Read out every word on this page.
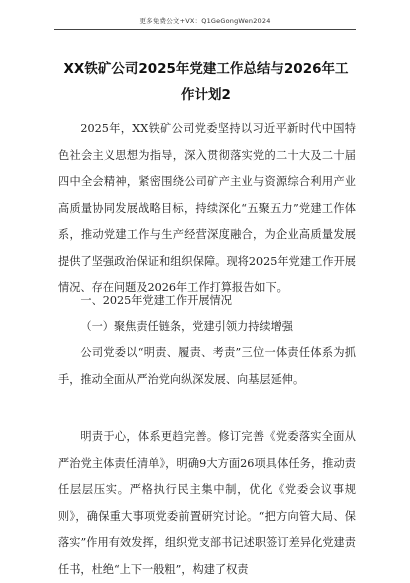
更多免费公文+VX：Q1GeGongWen2024
XX铁矿公司2025年党建工作总结与2026年工作计划2

2025年，XX铁矿公司党委坚持以习近平新时代中国特色社会主义思想为指导，深入贯彻落实党的二十大及二十届四中全会精神，紧密围绕公司矿产主业与资源综合利用产业高质量协同发展战略目标，持续深化“五聚五力”党建工作体系，推动党建工作与生产经营深度融合，为企业高质量发展提供了坚强政治保证和组织保障。现将2025年党建工作开展情况、存在问题及2026年工作打算报告如下。

一、2025年党建工作开展情况

（一）聚焦责任链条，党建引领力持续增强

公司党委以“明责、履责、考责”三位一体责任体系为抓手，推动全面从严治党向纵深发展、向基层延伸。

明责于心，体系更趋完善。修订完善《党委落实全面从严治党主体责任清单》，明确9大方面26项具体任务，推动责任层层压实。严格执行民主集中制，优化《党委会议事规则》，确保重大事项党委前置研究讨论。“把方向管大局、保落实”作用有效发挥，组织党支部书记述职签订差异化党建责任书，杜绝“上下一般粗”，构建了权责
